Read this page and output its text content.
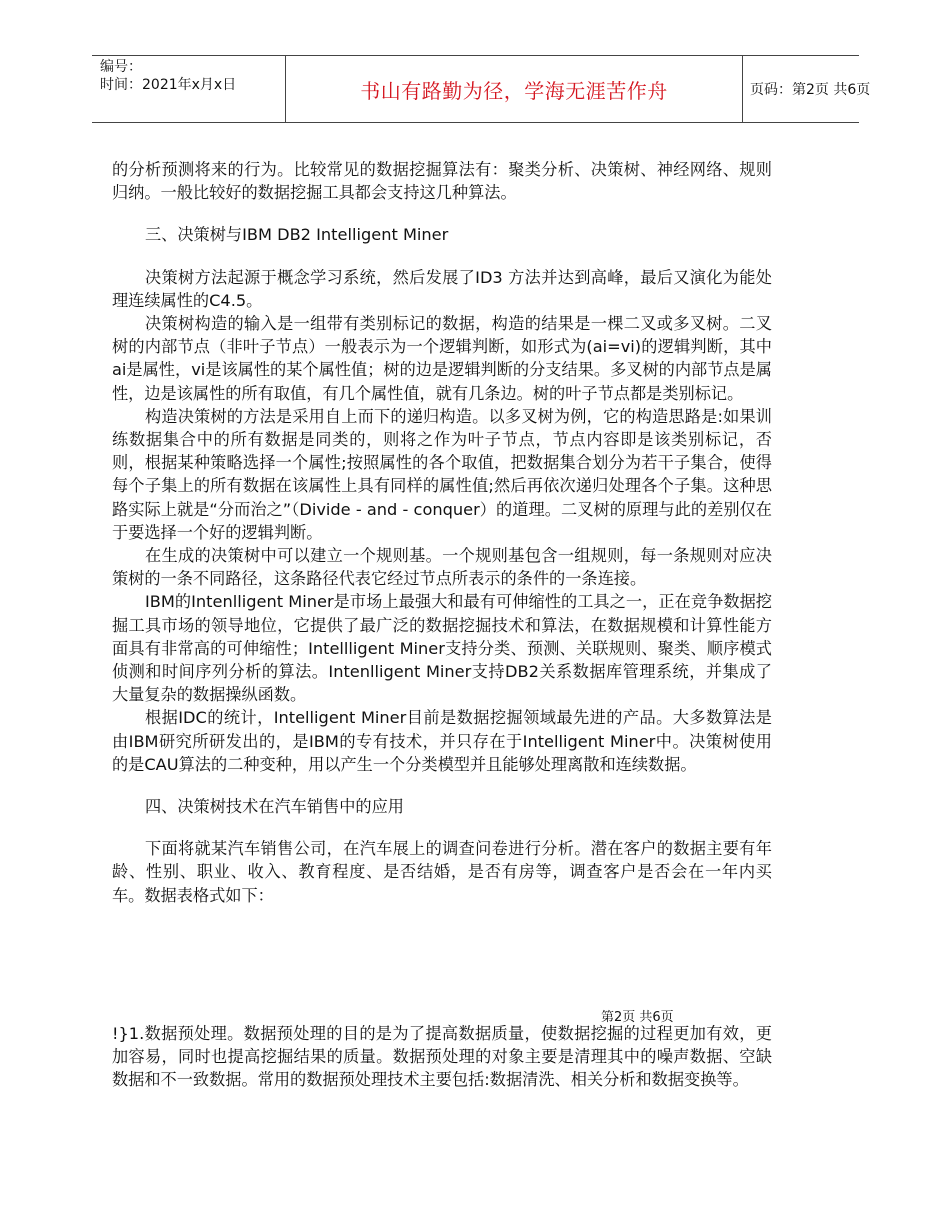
编号：
时间：2021年x月x日	书山有路勤为径，学海无涯苦作舟	页码：第2页 共6页

的分析预测将来的行为。比较常见的数据挖掘算法有：聚类分析、决策树、神经网络、规则归纳。一般比较好的数据挖掘工具都会支持这几种算法。

三、决策树与IBM DB2 Intelligent Miner

决策树方法起源于概念学习系统，然后发展了ID3 方法并达到高峰，最后又演化为能处理连续属性的C4.5。

决策树构造的输入是一组带有类别标记的数据，构造的结果是一棵二叉或多叉树。二叉树的内部节点（非叶子节点）一般表示为一个逻辑判断，如形式为(ai=vi)的逻辑判断，其中ai是属性，vi是该属性的某个属性值；树的边是逻辑判断的分支结果。多叉树的内部节点是属性，边是该属性的所有取值，有几个属性值，就有几条边。树的叶子节点都是类别标记。

构造决策树的方法是采用自上而下的递归构造。以多叉树为例，它的构造思路是:如果训练数据集合中的所有数据是同类的，则将之作为叶子节点，节点内容即是该类别标记，否则，根据某种策略选择一个属性;按照属性的各个取值，把数据集合划分为若干子集合，使得每个子集上的所有数据在该属性上具有同样的属性值;然后再依次递归处理各个子集。这种思路实际上就是“分而治之”（Divide - and - conquer）的道理。二叉树的原理与此的差别仅在于要选择一个好的逻辑判断。

在生成的决策树中可以建立一个规则基。一个规则基包含一组规则，每一条规则对应决策树的一条不同路径，这条路径代表它经过节点所表示的条件的一条连接。

IBM的Intenlligent Miner是市场上最强大和最有可伸缩性的工具之一，正在竞争数据挖掘工具市场的领导地位，它提供了最广泛的数据挖掘技术和算法，在数据规模和计算性能方面具有非常高的可伸缩性；Intellligent Miner支持分类、预测、关联规则、聚类、顺序模式侦测和时间序列分析的算法。Intenlligent Miner支持DB2关系数据库管理系统，并集成了大量复杂的数据操纵函数。

根据IDC的统计，Intelligent Miner目前是数据挖掘领域最先进的产品。大多数算法是由IBM研究所研发出的，是IBM的专有技术，并只存在于Intelligent Miner中。决策树使用的是CAU算法的二种变种，用以产生一个分类模型并且能够处理离散和连续数据。

四、决策树技术在汽车销售中的应用

下面将就某汽车销售公司，在汽车展上的调查问卷进行分析。潜在客户的数据主要有年龄、性别、职业、收入、教育程度、是否结婚，是否有房等，调查客户是否会在一年内买车。数据表格式如下：

第2页 共6页

!}1.数据预处理。数据预处理的目的是为了提高数据质量，使数据挖掘的过程更加有效，更加容易，同时也提高挖掘结果的质量。数据预处理的对象主要是清理其中的噪声数据、空缺数据和不一致数据。常用的数据预处理技术主要包括:数据清洗、相关分析和数据变换等。
